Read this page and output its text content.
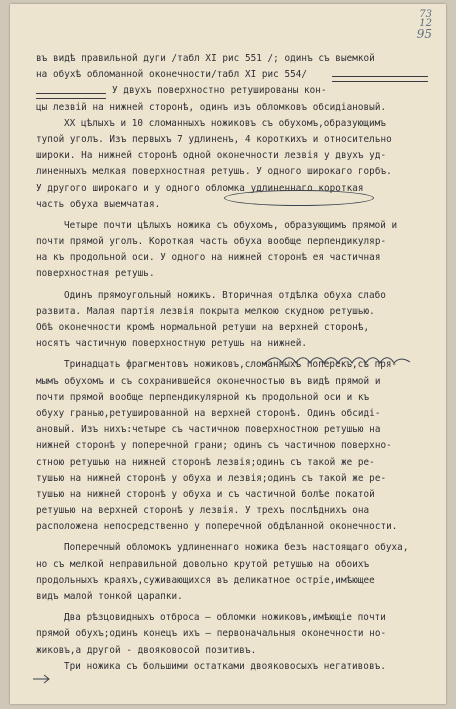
73
12
95
въ видѣ правильной дуги /табл XI рис 551 /; одинъ съ выемкой
на обухѣ обломанной оконечности/табл XI рис 554/
У двухъ поверхностно ретушированы кон-
цы лезвій на нижней сторонѣ, одинъ изъ обломковъ обсидіановый.
XX цѣлыхъ и 10 сломанныхъ ножиковъ съ обухомъ,образующимъ
тупой уголъ. Изъ первыхъ 7 удлиненъ, 4 короткихъ и относительно
широки. На нижней сторонѣ одной оконечности лезвія у двухъ уд-
линенныхъ мелкая поверхностная ретушь. У одного широкаго горбъ.
У другого широкаго и у одного обломка удлиненнаго короткая
часть обуха выемчатая.
Четыре почти цѣлыхъ ножика съ обухомъ, образующимъ прямой и
почти прямой уголъ. Короткая часть обуха вообще перпендикуляр-
на къ продольной оси. У одного на нижней сторонѣ ея частичная
поверхностная ретушь.
Одинъ прямоугольный ножикъ. Вторичная отдѣлка обуха слабо
развита. Малая партія лезвія покрыта мелкою скудною ретушью.
Обѣ оконечности кромѣ нормальной ретуши на верхней сторонѣ,
носятъ частичную поверхностную ретушь на нижней.
Тринадцать фрагментовъ ножиковъ,сломанныхъ поперекъ,съ пря-
мымъ обухомъ и съ сохранившейся оконечностью въ видѣ прямой и
почти прямой вообще перпендикулярной къ продольной оси и къ
обуху гранью,ретушированной на верхней сторонѣ. Одинъ обсиді-
ановый. Изъ нихъ:четыре съ частичною поверхностною ретушью на
нижней сторонѣ у поперечной грани; одинъ съ частичною поверхно-
стною ретушью на нижней сторонѣ лезвія;одинъ съ такой же ре-
тушью на нижней сторонѣ у обуха и лезвія;одинъ съ такой же ре-
тушью на нижней сторонѣ у обуха и съ частичной болѣе покатой
ретушью на верхней сторонѣ у лезвія. У трехъ послѣднихъ она
расположена непосредственно у поперечной обдѣланной оконечности.
Поперечный обломокъ удлиненнаго ножика безъ настоящаго обуха,
но съ мелкой неправильной довольно крутой ретушью на обоихъ
продольныхъ краяхъ,суживающихся въ деликатное остріе,имѣющее
видъ малой тонкой царапки.
Два рѣзцовидныхъ отброса — обломки ножиковъ,имѣющіе почти
прямой обухъ;одинъ конецъ ихъ — первоначальныя оконечности но-
жиковъ,а другой - двояковосой позитивъ.
Три ножика съ большими остатками двояковосыхъ негативовъ.
